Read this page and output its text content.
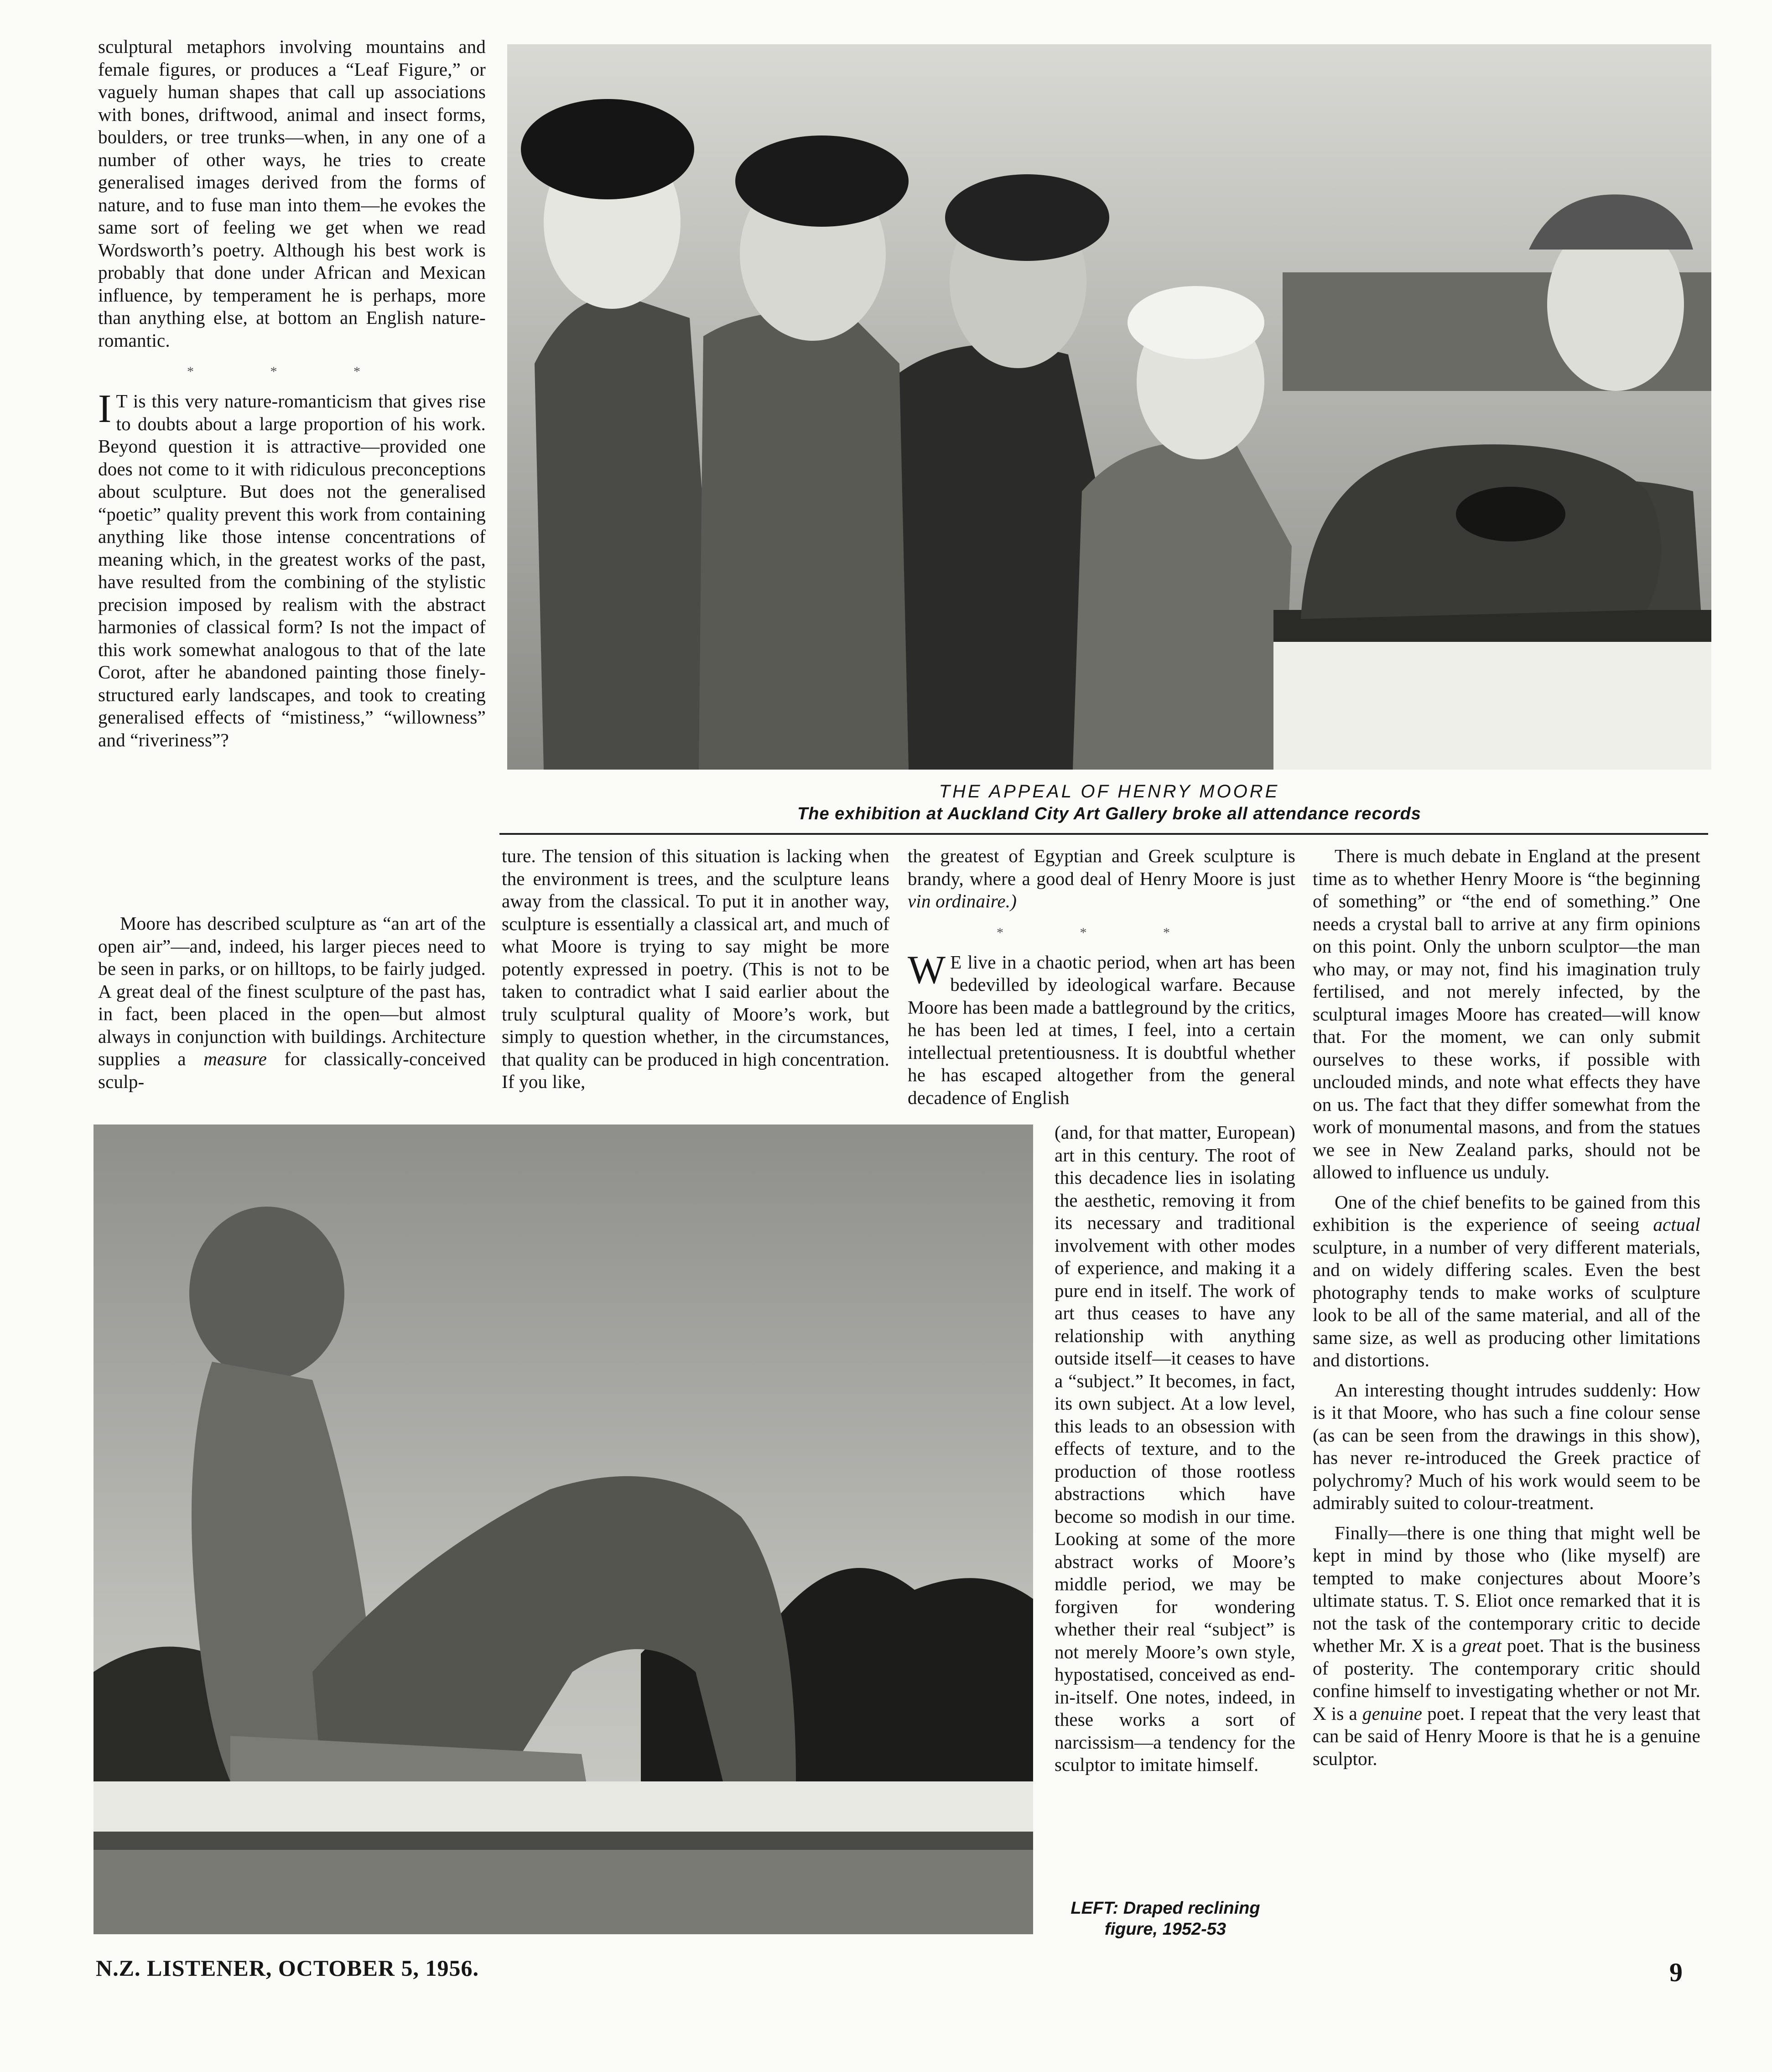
sculptural metaphors involving mountains and female figures, or produces a “Leaf Figure,” or vaguely human shapes that call up associations with bones, driftwood, animal and insect forms, boulders, or tree trunks—when, in any one of a number of other ways, he tries to create generalised images derived from the forms of nature, and to fuse man into them—he evokes the same sort of feeling we get when we read Wordsworth’s poetry. Although his best work is probably that done under African and Mexican influence, by temperament he is perhaps, more than anything else, at bottom an English nature-romantic.

* * *

I T is this very nature-romanticism that gives rise to doubts about a large proportion of his work. Beyond question it is attractive—provided one does not come to it with ridiculous preconceptions about sculpture. But does not the generalised “poetic” quality prevent this work from containing anything like those intense concentrations of meaning which, in the greatest works of the past, have resulted from the combining of the stylistic precision imposed by realism with the abstract harmonies of classical form? Is not the impact of this work somewhat analogous to that of the late Corot, after he abandoned painting those finely-structured early landscapes, and took to creating generalised effects of “mistiness,” “willowness” and “riveriness”?

Moore has described sculpture as “an art of the open air”—and, indeed, his larger pieces need to be seen in parks, or on hilltops, to be fairly judged. A great deal of the finest sculpture of the past has, in fact, been placed in the open—but almost always in conjunction with buildings. Architecture supplies a measure for classically-conceived sculp-

THE APPEAL OF HENRY MOORE
The exhibition at Auckland City Art Gallery broke all attendance records

ture. The tension of this situation is lacking when the environment is trees, and the sculpture leans away from the classical. To put it in another way, sculpture is essentially a classical art, and much of what Moore is trying to say might be more potently expressed in poetry. (This is not to be taken to contradict what I said earlier about the truly sculptural quality of Moore’s work, but simply to question whether, in the circumstances, that quality can be produced in high concentration. If you like,

the greatest of Egyptian and Greek sculpture is brandy, where a good deal of Henry Moore is just vin ordinaire.)

* * *

W E live in a chaotic period, when art has been bedevilled by ideological warfare. Because Moore has been made a battleground by the critics, he has been led at times, I feel, into a certain intellectual pretentiousness. It is doubtful whether he has escaped altogether from the general decadence of English

(and, for that matter, European) art in this century. The root of this decadence lies in isolating the aesthetic, removing it from its necessary and traditional involvement with other modes of experience, and making it a pure end in itself. The work of art thus ceases to have any relationship with anything outside itself—it ceases to have a “subject.” It becomes, in fact, its own subject. At a low level, this leads to an obsession with effects of texture, and to the production of those rootless abstractions which have become so modish in our time. Looking at some of the more abstract works of Moore’s middle period, we may be forgiven for wondering whether their real “subject” is not merely Moore’s own style, hypostatised, conceived as end-in-itself. One notes, indeed, in these works a sort of narcissism—a tendency for the sculptor to imitate himself.

There is much debate in England at the present time as to whether Henry Moore is “the beginning of something” or “the end of something.” One needs a crystal ball to arrive at any firm opinions on this point. Only the unborn sculptor—the man who may, or may not, find his imagination truly fertilised, and not merely infected, by the sculptural images Moore has created—will know that. For the moment, we can only submit ourselves to these works, if possible with unclouded minds, and note what effects they have on us. The fact that they differ somewhat from the work of monumental masons, and from the statues we see in New Zealand parks, should not be allowed to influence us unduly.

One of the chief benefits to be gained from this exhibition is the experience of seeing actual sculpture, in a number of very different materials, and on widely differing scales. Even the best photography tends to make works of sculpture look to be all of the same material, and all of the same size, as well as producing other limitations and distortions.

An interesting thought intrudes suddenly: How is it that Moore, who has such a fine colour sense (as can be seen from the drawings in this show), has never re-introduced the Greek practice of polychromy? Much of his work would seem to be admirably suited to colour-treatment.

Finally—there is one thing that might well be kept in mind by those who (like myself) are tempted to make conjectures about Moore’s ultimate status. T. S. Eliot once remarked that it is not the task of the contemporary critic to decide whether Mr. X is a great poet. That is the business of posterity. The contemporary critic should confine himself to investigating whether or not Mr. X is a genuine poet. I repeat that the very least that can be said of Henry Moore is that he is a genuine sculptor.

LEFT: Draped reclining figure, 1952-53
N.Z. LISTENER, OCTOBER 5, 1956.	9
